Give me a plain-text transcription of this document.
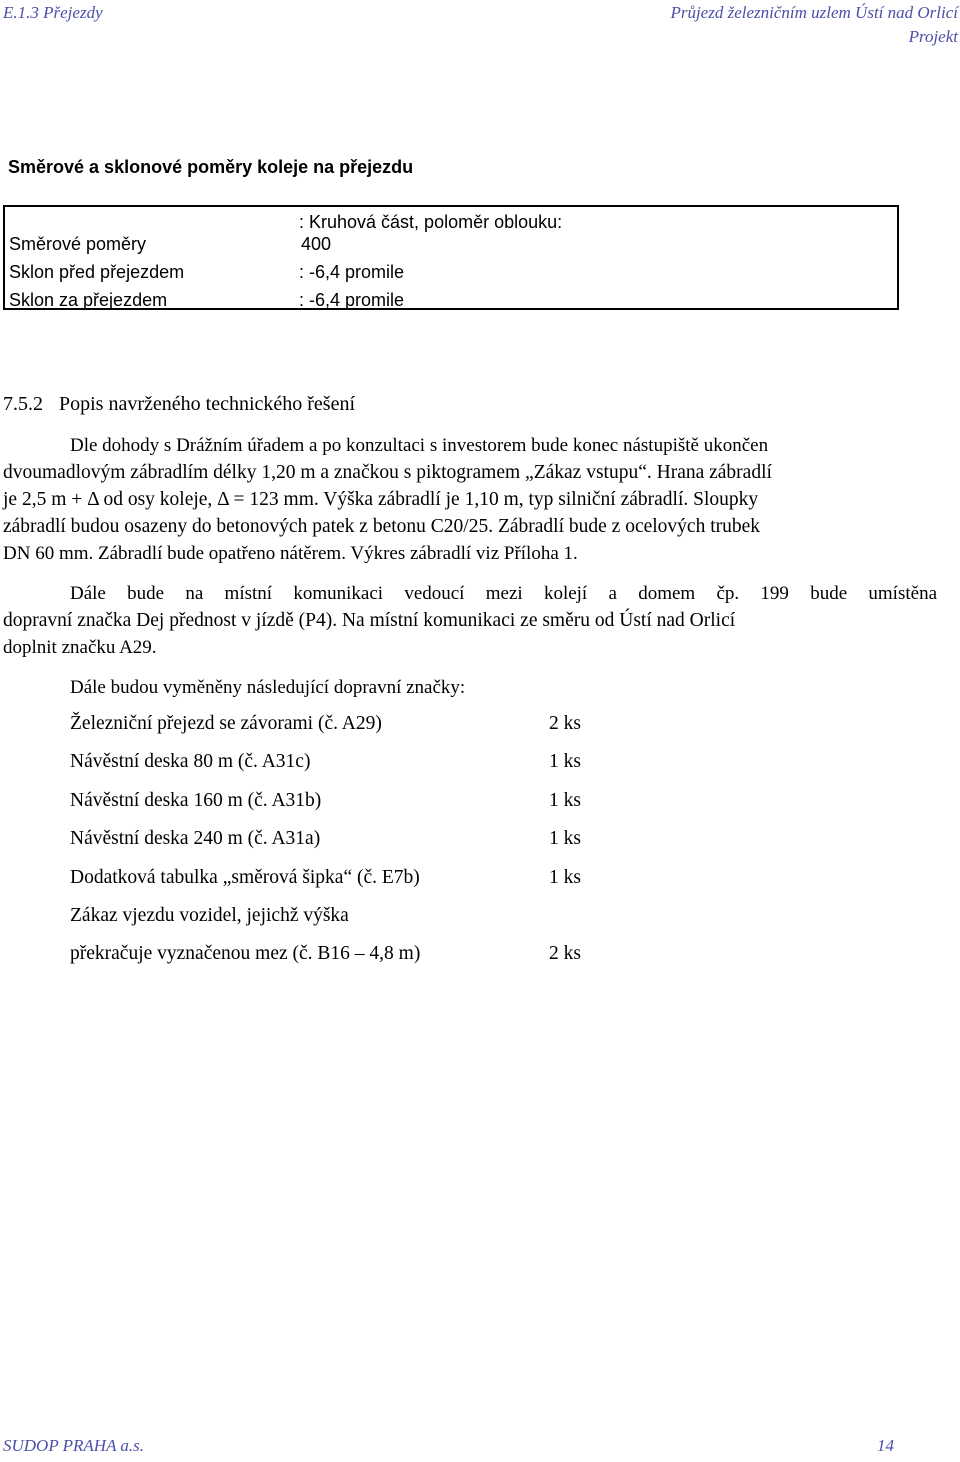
E.1.3 Přejezdy	Průjezd železničním uzlem Ústí nad Orlicí
Projekt
Směrové a sklonové poměry koleje na přejezdu
: Kruhová část, poloměr oblouku:
Směrové poměry	400
Sklon před přejezdem	: -6,4 promile
Sklon za přejezdem	: -6,4 promile
7.5.2 Popis navrženého technického řešení
Dle dohody s Drážním úřadem a po konzultaci s investorem bude konec nástupiště ukončen
dvoumadlovým zábradlím délky 1,20 m a značkou s piktogramem „Zákaz vstupu“. Hrana zábradlí
je 2,5 m + Δ od osy koleje, Δ = 123 mm. Výška zábradlí je 1,10 m, typ silniční zábradlí. Sloupky
zábradlí budou osazeny do betonových patek z betonu C20/25. Zábradlí bude z ocelových trubek
DN 60 mm. Zábradlí bude opatřeno nátěrem. Výkres zábradlí viz Příloha 1.
Dále bude na místní komunikaci vedoucí mezi kolejí a domem čp. 199 bude umístěna
dopravní značka Dej přednost v jízdě (P4). Na místní komunikaci ze směru od Ústí nad Orlicí
doplnit značku A29.
Dále budou vyměněny následující dopravní značky:
Železniční přejezd se závorami (č. A29)	2 ks
Návěstní deska 80 m (č. A31c)	1 ks
Návěstní deska 160 m (č. A31b)	1 ks
Návěstní deska 240 m (č. A31a)	1 ks
Dodatková tabulka „směrová šipka“ (č. E7b)	1 ks
Zákaz vjezdu vozidel, jejichž výška
překračuje vyznačenou mez (č. B16 – 4,8 m)	2 ks
SUDOP PRAHA a.s.	14
